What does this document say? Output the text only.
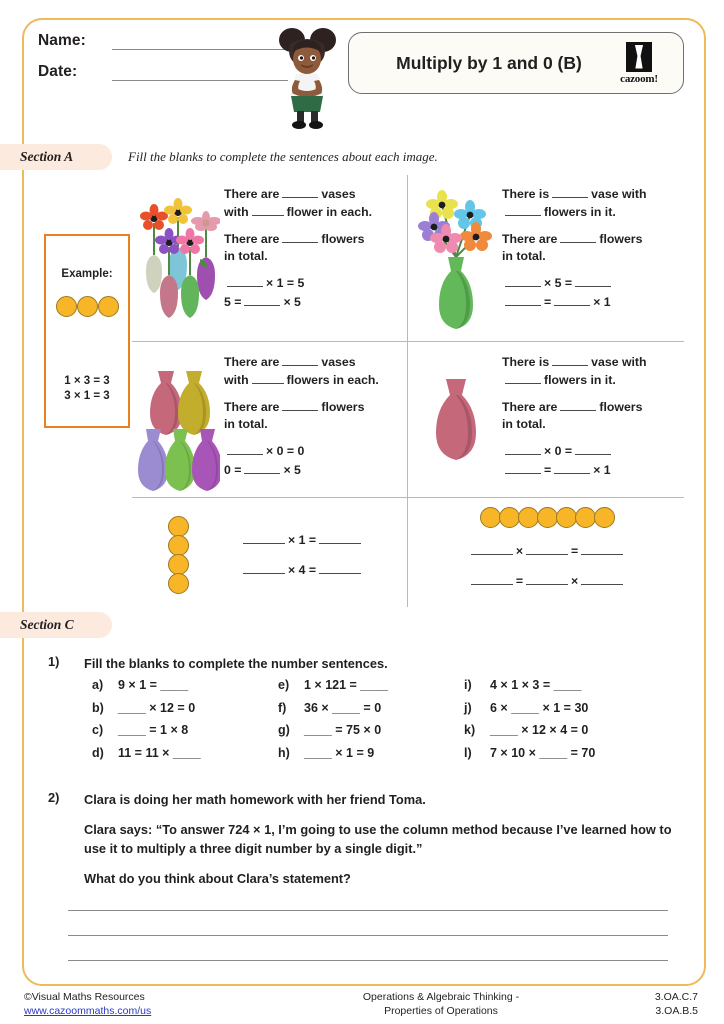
Name:
Date:	Multiply by 1 and 0 (B)
cazoom!
Section A	Fill the blanks to complete the sentences about each image.
Example:
1 × 3 = 3
3 × 1 = 3
There are	vases
with	flower in each.
There are	flowers
in total.
× 1 = 5
5 =	× 5
There is	vase with
flowers in it.
There are	flowers
in total.
× 5 =
=	× 1
There are	vases
with	flowers in each.
There are	flowers
in total.
× 0 = 0
0 =	× 5
There is	vase with
flowers in it.
There are	flowers
in total.
× 0 =
=	× 1
× 1 =
× 4 =
×	=
=	×
Section C
1)	Fill the blanks to complete the number sentences.
a)	9 × 1 = ____
b)	____ × 12 = 0
c)	____ = 1 × 8
d)	11 = 11 × ____
e)	1 × 121 = ____
f)	36 × ____ = 0
g)	____ = 75 × 0
h)	____ × 1 = 9
i)	4 × 1 × 3 = ____
j)	6 × ____ × 1 = 30
k)	____ × 12 × 4 = 0
l)	7 × 10 × ____ = 70
2)	Clara is doing her math homework with her friend Toma.
Clara says: “To answer 724 × 1, I’m going to use the column method because I’ve learned how to use it to multiply a three digit number by a single digit.”
What do you think about Clara’s statement?
©Visual Maths Resources
www.cazoommaths.com/us
Operations & Algebraic Thinking -
Properties of Operations
3.OA.C.7
3.OA.B.5
